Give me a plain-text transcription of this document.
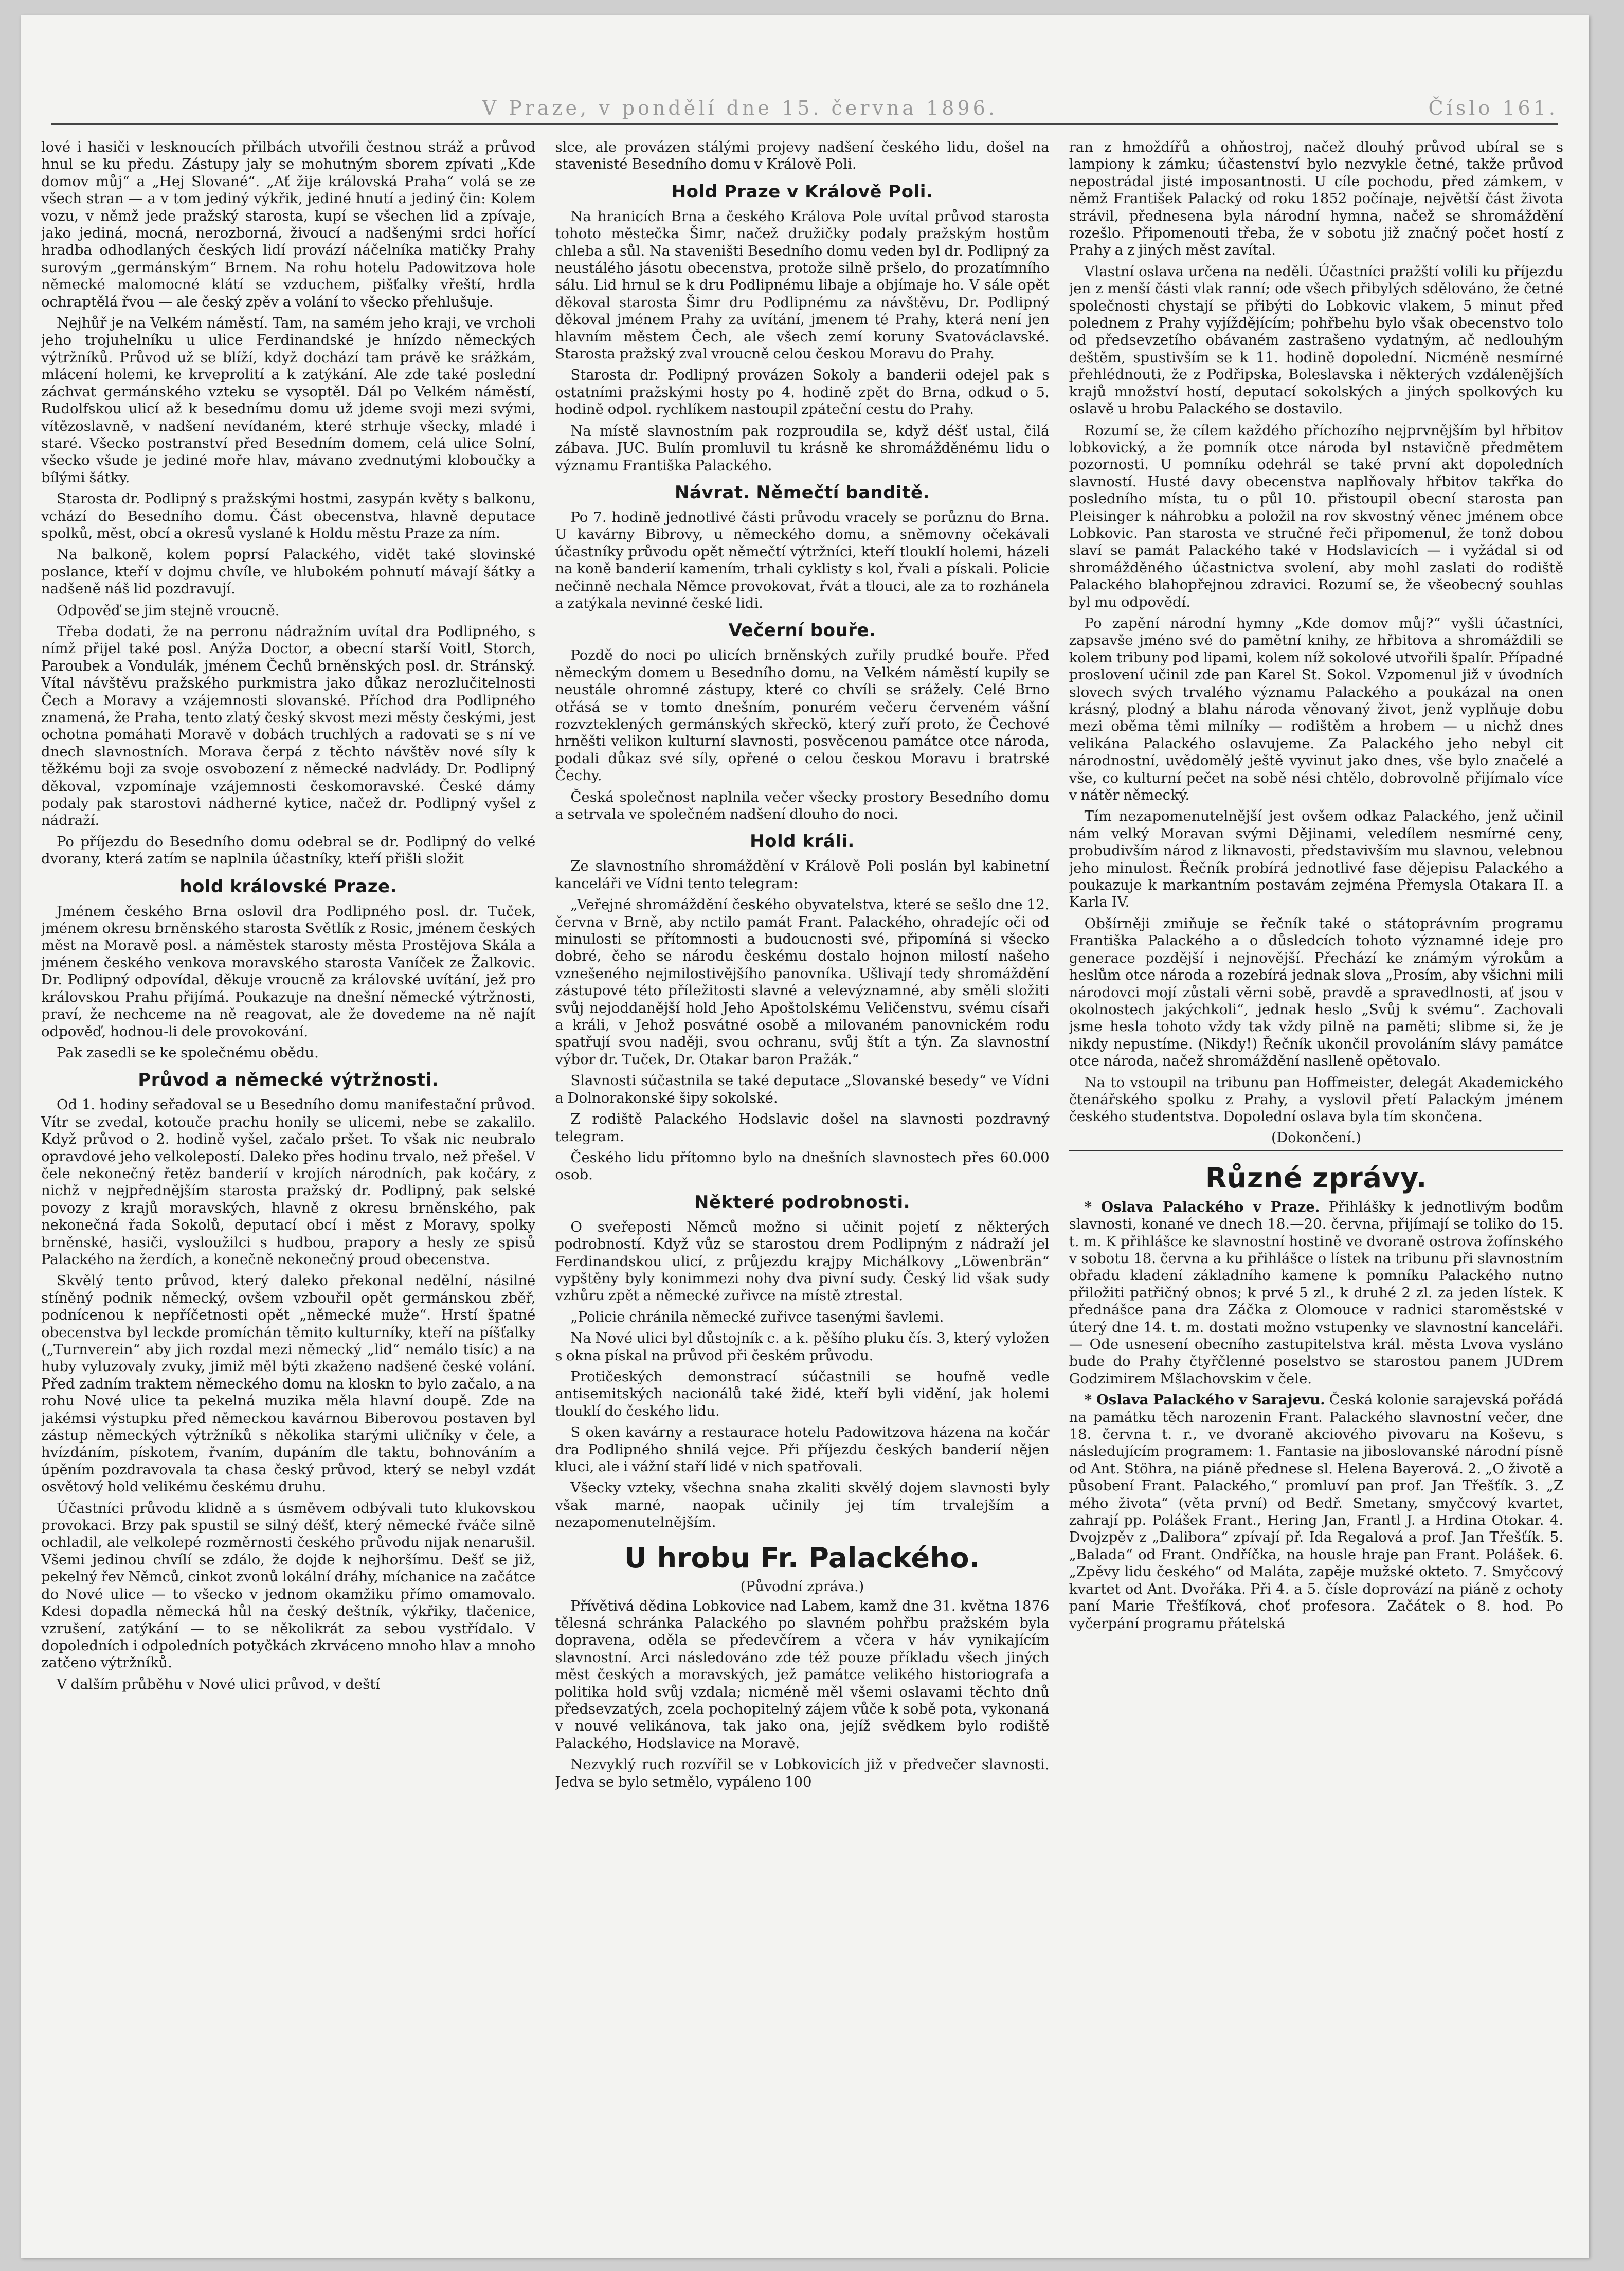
V Praze, v pondělí dne 15. června 1896.	Číslo 161.

lové i hasiči v lesknoucích přilbách utvořili čestnou stráž a průvod hnul se ku předu. Zástupy jaly se mohutným sborem zpívati „Kde domov můj“ a „Hej Slované“. „Ať žije královská Praha“ volá se ze všech stran — a v tom jediný výkřik, jediné hnutí a jediný čin: Kolem vozu, v němž jede pražský starosta, kupí se všechen lid a zpívaje, jako jediná, mocná, nerozborná, živoucí a nadšenými srdci hořící hradba odhodlaných českých lidí provází náčelníka matičky Prahy surovým „germánským“ Brnem. Na rohu hotelu Padowitzova hole německé malomocné klátí se vzduchem, pišťalky vřeští, hrdla ochraptělá řvou — ale český zpěv a volání to všecko přehlušuje.

Nejhůř je na Velkém náměstí. Tam, na samém jeho kraji, ve vrcholi jeho trojuhelníku u ulice Ferdinandské je hnízdo německých výtržníků. Průvod už se blíží, když dochází tam právě ke srážkám, mlácení holemi, ke krveprolití a k zatýkání. Ale zde také poslední záchvat germánského vzteku se vysoptěl. Dál po Velkém náměstí, Rudolfskou ulicí až k besednímu domu už jdeme svoji mezi svými, vítězoslavně, v nadšení nevídaném, které strhuje všecky, mladé i staré. Všecko postranství před Besedním domem, celá ulice Solní, všecko všude je jediné moře hlav, mávano zvednutými kloboučky a bílými šátky.

Starosta dr. Podlipný s pražskými hostmi, zasypán květy s balkonu, vchází do Besedního domu. Část obecenstva, hlavně deputace spolků, měst, obcí a okresů vyslané k Holdu městu Praze za ním.

Na balkoně, kolem poprsí Palackého, vidět také slovinské poslance, kteří v dojmu chvíle, ve hlubokém pohnutí mávají šátky a nadšeně náš lid pozdravují.

Odpověď se jim stejně vroucně.

Třeba dodati, že na perronu nádražním uvítal dra Podlipného, s nímž přijel také posl. Anýža Doctor, a obecní starší Voitl, Storch, Paroubek a Vondulák, jménem Čechů brněnských posl. dr. Stránský. Vítal návštěvu pražského purkmistra jako důkaz nerozlučitelnosti Čech a Moravy a vzájemnosti slovanské. Příchod dra Podlipného znamená, že Praha, tento zlatý český skvost mezi městy českými, jest ochotna pomáhati Moravě v dobách truchlých a radovati se s ní ve dnech slavnostních. Morava čerpá z těchto návštěv nové síly k těžkému boji za svoje osvobození z německé nadvlády. Dr. Podlipný děkoval, vzpomínaje vzájemnosti českomoravské. České dámy podaly pak starostovi nádherné kytice, načež dr. Podlipný vyšel z nádraží.

Po příjezdu do Besedního domu odebral se dr. Podlipný do velké dvorany, která zatím se naplnila účastníky, kteří přišli složit

hold královské Praze.

Jménem českého Brna oslovil dra Podlipného posl. dr. Tuček, jménem okresu brněnského starosta Světlík z Rosic, jménem českých měst na Moravě posl. a náměstek starosty města Prostějova Skála a jménem českého venkova moravského starosta Vaníček ze Žalkovic. Dr. Podlipný odpovídal, děkuje vroucně za královské uvítání, jež pro královskou Prahu přijímá. Poukazuje na dnešní německé výtržnosti, praví, že nechceme na ně reagovat, ale že dovedeme na ně najít odpověď, hodnou-li dele provokování.

Pak zasedli se ke společnému obědu.

Průvod a německé výtržnosti.

Od 1. hodiny seřadoval se u Besedního domu manifestační průvod. Vítr se zvedal, kotouče prachu honily se ulicemi, nebe se zakalilo. Když průvod o 2. hodině vyšel, začalo pršet. To však nic neubralo opravdové jeho velkolepostí. Daleko přes hodinu trvalo, než přešel. V čele nekonečný řetěz banderií v krojích národních, pak kočáry, z nichž v nejpřednějším starosta pražský dr. Podlipný, pak selské povozy z krajů moravských, hlavně z okresu brněnského, pak nekonečná řada Sokolů, deputací obcí i měst z Moravy, spolky brněnské, hasiči, vysloužilci s hudbou, prapory a hesly ze spisů Palackého na žerdích, a konečně nekonečný proud obecenstva.

Skvělý tento průvod, který daleko překonal nedělní, násilné stíněný podnik německý, ovšem vzbouřil opět germánskou zběř, podnícenou k nepříčetnosti opět „německé muže“. Hrstí špatné obecenstva byl leckde promíchán těmito kulturníky, kteří na píšťalky („Turnverein“ aby jich rozdal mezi německý „lid“ nemálo tisíc) a na huby vyluzovaly zvuky, jimiž měl býti zkaženo nadšené české volání. Před zadním traktem německého domu na kloskn to bylo začalo, a na rohu Nové ulice ta pekelná muzika měla hlavní doupě. Zde na jakémsi výstupku před německou kavárnou Biberovou postaven byl zástup německých výtržníků s několika starými uličníky v čele, a hvízdáním, pískotem, řvaním, dupáním dle taktu, bohnováním a úpěním pozdravovala ta chasa český průvod, který se nebyl vzdát osvětový hold velikému českému druhu.

Účastníci průvodu klidně a s úsměvem odbývali tuto klukovskou provokaci. Brzy pak spustil se silný déšť, který německé řváče silně ochladil, ale velkolepé rozměrnosti českého průvodu nijak nenarušil. Všemi jedinou chvílí se zdálo, že dojde k nejhoršímu. Dešť se již, pekelný řev Němců, cinkot zvonů lokální dráhy, míchanice na začátce do Nové ulice — to všecko v jednom okamžiku přímo omamovalo. Kdesi dopadla německá hůl na český deštník, výkřiky, tlačenice, vzrušení, zatýkání — to se několikrát za sebou vystřídalo. V dopoledních i odpoledních potyčkách zkrváceno mnoho hlav a mnoho zatčeno výtržníků.

V dalším průběhu v Nové ulici průvod, v deští

slce, ale provázen stálými projevy nadšení českého lidu, došel na stavenisté Besedního domu v Králově Poli.

Hold Praze v Králově Poli.

Na hranicích Brna a českého Králova Pole uvítal průvod starosta tohoto městečka Šimr, načež družičky podaly pražským hostům chleba a sůl. Na staveništi Besedního domu veden byl dr. Podlipný za neustálého jásotu obecenstva, protože silně pršelo, do prozatímního sálu. Lid hrnul se k dru Podlipnému libaje a objímaje ho. V sále opět děkoval starosta Šimr dru Podlipnému za návštěvu, Dr. Podlipný děkoval jménem Prahy za uvítání, jmenem té Prahy, která není jen hlavním městem Čech, ale všech zemí koruny Svatováclavské. Starosta pražský zval vroucně celou českou Moravu do Prahy.

Starosta dr. Podlipný provázen Sokoly a banderii odejel pak s ostatními pražskými hosty po 4. hodině zpět do Brna, odkud o 5. hodině odpol. rychlíkem nastoupil zpáteční cestu do Prahy.

Na místě slavnostním pak rozproudila se, když déšť ustal, čilá zábava. JUC. Bulín promluvil tu krásně ke shromážděnému lidu o významu Františka Palackého.

Návrat. Němečtí banditě.

Po 7. hodině jednotlivé části průvodu vracely se porůznu do Brna. U kavárny Bibrovy, u německého domu, a sněmovny očekávali účastníky průvodu opět němečtí výtržníci, kteří tlouklí holemi, házeli na koně banderií kamením, trhali cyklisty s kol, řvali a pískali. Policie nečinně nechala Němce provokovat, řvát a tlouci, ale za to rozhánela a zatýkala nevinné české lidi.

Večerní bouře.

Pozdě do noci po ulicích brněnských zuřily prudké bouře. Před německým domem u Besedního domu, na Velkém náměstí kupily se neustále ohromné zástupy, které co chvíli se srážely. Celé Brno otřásá se v tomto dnešním, ponurém večeru červeném vášní rozvzteklených germánských skřeckö, který zuří proto, že Čechové hrněšti velikon kulturní slavnosti, posvěcenou památce otce národa, podali důkaz své síly, opřené o celou českou Moravu i bratrské Čechy.

Česká společnost naplnila večer všecky prostory Besedního domu a setrvala ve společném nadšení dlouho do noci.

Hold králi.

Ze slavnostního shromáždění v Králově Poli poslán byl kabinetní kanceláři ve Vídni tento telegram:

„Veřejné shromáždění českého obyvatelstva, které se sešlo dne 12. června v Brně, aby nctilo památ Frant. Palackého, ohradejíc oči od minulosti se přítomnosti a budoucnosti své, připomíná si všecko dobré, čeho se národu českému dostalo hojnon milostí našeho vznešeného nejmilostivějšího panovníka. Ušlivají tedy shromáždění zástupové této příležitosti slavné a velevýznamné, aby směli složiti svůj nejoddanější hold Jeho Apoštolskému Veličenstvu, svému císaři a králi, v Jehož posvátné osobě a milovaném panovnickém rodu spatřují svou naději, svou ochranu, svůj štít a týn. Za slavnostní výbor dr. Tuček, Dr. Otakar baron Pražák.“

Slavnosti súčastnila se také deputace „Slovanské besedy“ ve Vídni a Dolnorakonské šipy sokolské.

Z rodiště Palackého Hodslavic došel na slavnosti pozdravný telegram.

Českého lidu přítomno bylo na dnešních slavnostech přes 60.000 osob.

Některé podrobnosti.

O sveřeposti Němců možno si učinit pojetí z některých podrobností. Když vůz se starostou drem Podlipným z nádraží jel Ferdinandskou ulicí, z průjezdu krajpy Michálkovy „Löwenbrän“ vypštěny byly konimmezi nohy dva pivní sudy. Český lid však sudy vzhůru zpět a německé zuřivce na místě ztrestal.

„Policie chránila německé zuřivce tasenými šavlemi.

Na Nové ulici byl důstojník c. a k. pěšího pluku čís. 3, který vyložen s okna pískal na průvod při českém průvodu.

Protičeských demonstrací súčastnili se houfně vedle antisemitských nacionálů také židé, kteří byli vidění, jak holemi tlouklí do českého lidu.

S oken kavárny a restaurace hotelu Padowitzova házena na kočár dra Podlipného shnilá vejce. Při příjezdu českých banderií nějen kluci, ale i vážní staří lidé v nich spatřovali.

Všecky vzteky, všechna snaha zkaliti skvělý dojem slavnosti byly však marné, naopak učinily jej tím trvalejším a nezapomenutelnějším.

U hrobu Fr. Palackého.
(Původní zpráva.)

Přívětivá dědina Lobkovice nad Labem, kamž dne 31. května 1876 tělesná schránka Palackého po slavném pohřbu pražském byla dopravena, oděla se předevčírem a včera v háv vynikajícím slavnostní. Arci následováno zde též pouze příkladu všech jiných měst českých a moravských, jež památce velikého historiografa a politika hold svůj vzdala; nicméně měl všemi oslavami těchto dnů předsevzatých, zcela pochopitelný zájem vůče k sobě pota, vykonaná v nouvé velikánova, tak jako ona, jejíž svědkem bylo rodiště Palackého, Hodslavice na Moravě.

Nezvyklý ruch rozvířil se v Lobkovicích již v předvečer slavnosti. Jedva se bylo setmělo, vypáleno 100

ran z hmoždířů a ohňostroj, načež dlouhý průvod ubíral se s lampiony k zámku; účastenství bylo nezvykle četné, takže průvod nepostrádal jisté imposantnosti. U cíle pochodu, před zámkem, v němž František Palacký od roku 1852 počínaje, největší část života strávil, přednesena byla národní hymna, načež se shromáždění rozešlo. Připomenouti třeba, že v sobotu již značný počet hostí z Prahy a z jiných měst zavítal.

Vlastní oslava určena na neděli. Účastníci pražští volili ku příjezdu jen z menší části vlak ranní; ode všech přibylých sdělováno, že četné společnosti chystají se přibýti do Lobkovic vlakem, 5 minut před polednem z Prahy vyjíždějícím; pohřbehu bylo však obecenstvo tolo od předsevzetího obávaném zastrašeno vydatným, ač nedlouhým deštěm, spustivším se k 11. hodině dopolední. Nicméně nesmírné přehlédnouti, že z Podřipska, Boleslavska i některých vzdálenějších krajů množství hostí, deputací sokolských a jiných spolkových ku oslavě u hrobu Palackého se dostavilo.

Rozumí se, že cílem každého příchozího nejprvnějším byl hřbitov lobkovický, a že pomník otce národa byl nstavičně předmětem pozornosti. U pomníku odehrál se také první akt dopoledních slavností. Husté davy obecenstva naplňovaly hřbitov takřka do posledního místa, tu o půl 10. přistoupil obecní starosta pan Pleisinger k náhrobku a položil na rov skvostný věnec jménem obce Lobkovic. Pan starosta ve stručné řeči připomenul, že tonž dobou slaví se památ Palackého také v Hodslavicích — i vyžádal si od shromážděného účastnictva svolení, aby mohl zaslati do rodiště Palackého blahopřejnou zdravici. Rozumí se, že všeobecný souhlas byl mu odpovědí.

Po zapění národní hymny „Kde domov můj?“ vyšli účastníci, zapsavše jméno své do pamětní knihy, ze hřbitova a shromáždili se kolem tribuny pod lipami, kolem níž sokolové utvořili špalír. Případné proslovení učinil zde pan Karel St. Sokol. Vzpomenul již v úvodních slovech svých trvalého významu Palackého a poukázal na onen krásný, plodný a blahu národa věnovaný život, jenž vyplňuje dobu mezi oběma těmi milníky — rodištěm a hrobem — u nichž dnes velikána Palackého oslavujeme. Za Palackého jeho nebyl cit národnostní, uvědomělý ještě vyvinut jako dnes, vše bylo značelé a vše, co kulturní pečet na sobě nési chtělo, dobrovolně přijímalo více v nátěr německý.

Tím nezapomenutelnější jest ovšem odkaz Palackého, jenž učinil nám velký Moravan svými Dějinami, veledílem nesmírné ceny, probudivším národ z liknavosti, představivším mu slavnou, velebnou jeho minulost. Řečník probírá jednotlivé fase dějepisu Palackého a poukazuje k markantním postavám zejména Přemysla Otakara II. a Karla IV.

Obšírněji zmiňuje se řečník také o státoprávním programu Františka Palackého a o důsledcích tohoto významné ideje pro generace pozdější i nejnovější. Přechází ke známým výrokům a heslům otce národa a rozebírá jednak slova „Prosím, aby všichni mili národovci mojí zůstali věrni sobě, pravdě a spravedlnosti, ať jsou v okolnostech jakýchkoli“, jednak heslo „Svůj k svému“. Zachovali jsme hesla tohoto vždy tak vždy pilně na paměti; slibme si, že je nikdy nepustíme. (Nikdy!) Řečník ukončil provoláním slávy památce otce národa, načež shromáždění naslleně opětovalo.

Na to vstoupil na tribunu pan Hoffmeister, delegát Akademického čtenářského spolku z Prahy, a vyslovil přetí Palackým jménem českého studentstva. Dopolední oslava byla tím skončena.

(Dokončení.)
Různé zprávy.

* Oslava Palackého v Praze. Přihlášky k jednotlivým bodům slavnosti, konané ve dnech 18.—20. června, přijímají se toliko do 15. t. m. K přihlášce ke slavnostní hostině ve dvoraně ostrova žofínského v sobotu 18. června a ku přihlášce o lístek na tribunu při slavnostním obřadu kladení základního kamene k pomníku Palackého nutno přiložiti patřičný obnos; k prvé 5 zl., k druhé 2 zl. za jeden lístek. K přednášce pana dra Záčka z Olomouce v radnici staroměstské v úterý dne 14. t. m. dostati možno vstupenky ve slavnostní kanceláři. — Ode usnesení obecního zastupitelstva král. města Lvova vysláno bude do Prahy čtyřčlenné poselstvo se starostou panem JUDrem Godzimirem Mšlachovskim v čele.

* Oslava Palackého v Sarajevu. Česká kolonie sarajevská pořádá na památku těch narozenin Frant. Palackého slavnostní večer, dne 18. června t. r., ve dvoraně akciového pivovaru na Koševu, s následujícím programem: 1. Fantasie na jiboslovanské národní písně od Ant. Stöhra, na piáně přednese sl. Helena Bayerová. 2. „O životě a působení Frant. Palackého,“ promluví pan prof. Jan Třešťík. 3. „Z mého života“ (věta první) od Bedř. Smetany, smyčcový kvartet, zahrají pp. Polášek Frant., Hering Jan, Frantl J. a Hrdina Otokar. 4. Dvojzpěv z „Dalibora“ zpívají př. Ida Regalová a prof. Jan Třešťík. 5. „Balada“ od Frant. Ondříčka, na housle hraje pan Frant. Polášek. 6. „Zpěvy lidu českého“ od Maláta, zapěje mužské okteto. 7. Smyčcový kvartet od Ant. Dvořáka. Při 4. a 5. čísle doprovází na piáně z ochoty paní Marie Třešťíková, choť profesora. Začátek o 8. hod. Po vyčerpání programu přátelská
